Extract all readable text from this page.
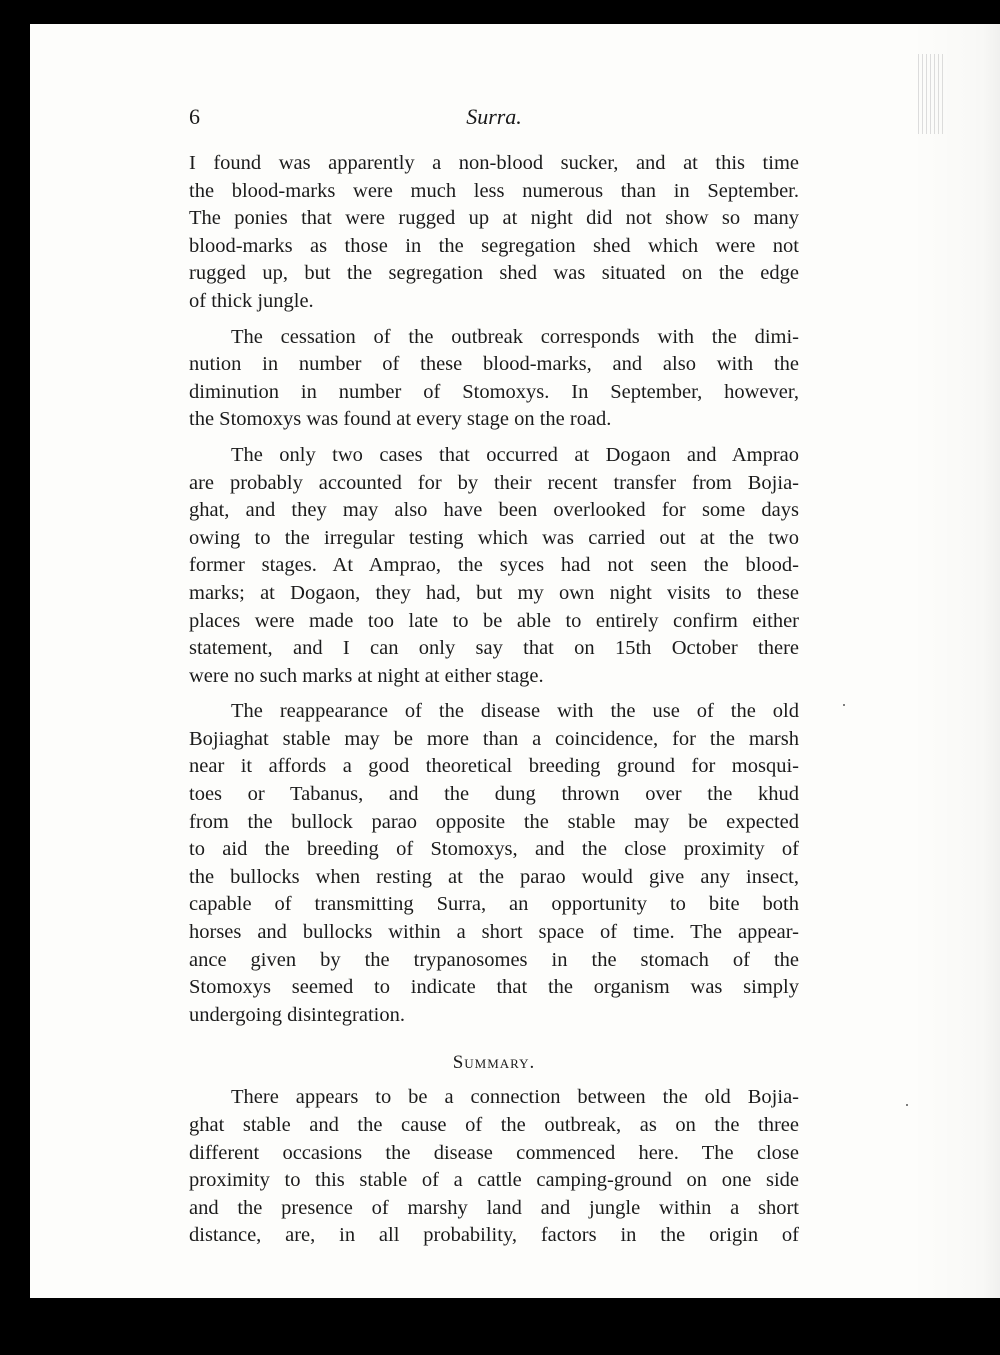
6	Surra.
I found was apparently a non-blood sucker, and at this time
the blood-marks were much less numerous than in September.
The ponies that were rugged up at night did not show so many
blood-marks as those in the segregation shed which were not
rugged up, but the segregation shed was situated on the edge
of thick jungle.
The cessation of the outbreak corresponds with the dimi-
nution in number of these blood-marks, and also with the
diminution in number of Stomoxys. In September, however,
the Stomoxys was found at every stage on the road.
The only two cases that occurred at Dogaon and Amprao
are probably accounted for by their recent transfer from Bojia-
ghat, and they may also have been overlooked for some days
owing to the irregular testing which was carried out at the two
former stages. At Amprao, the syces had not seen the blood-
marks; at Dogaon, they had, but my own night visits to these
places were made too late to be able to entirely confirm either
statement, and I can only say that on 15th October there
were no such marks at night at either stage.
The reappearance of the disease with the use of the old
Bojiaghat stable may be more than a coincidence, for the marsh
near it affords a good theoretical breeding ground for mosqui-
toes or Tabanus, and the dung thrown over the khud
from the bullock parao opposite the stable may be expected
to aid the breeding of Stomoxys, and the close proximity of
the bullocks when resting at the parao would give any insect,
capable of transmitting Surra, an opportunity to bite both
horses and bullocks within a short space of time. The appear-
ance given by the trypanosomes in the stomach of the
Stomoxys seemed to indicate that the organism was simply
undergoing disintegration.
Summary.
There appears to be a connection between the old Bojia-
ghat stable and the cause of the outbreak, as on the three
different occasions the disease commenced here. The close
proximity to this stable of a cattle camping-ground on one side
and the presence of marshy land and jungle within a short
distance, are, in all probability, factors in the origin of
